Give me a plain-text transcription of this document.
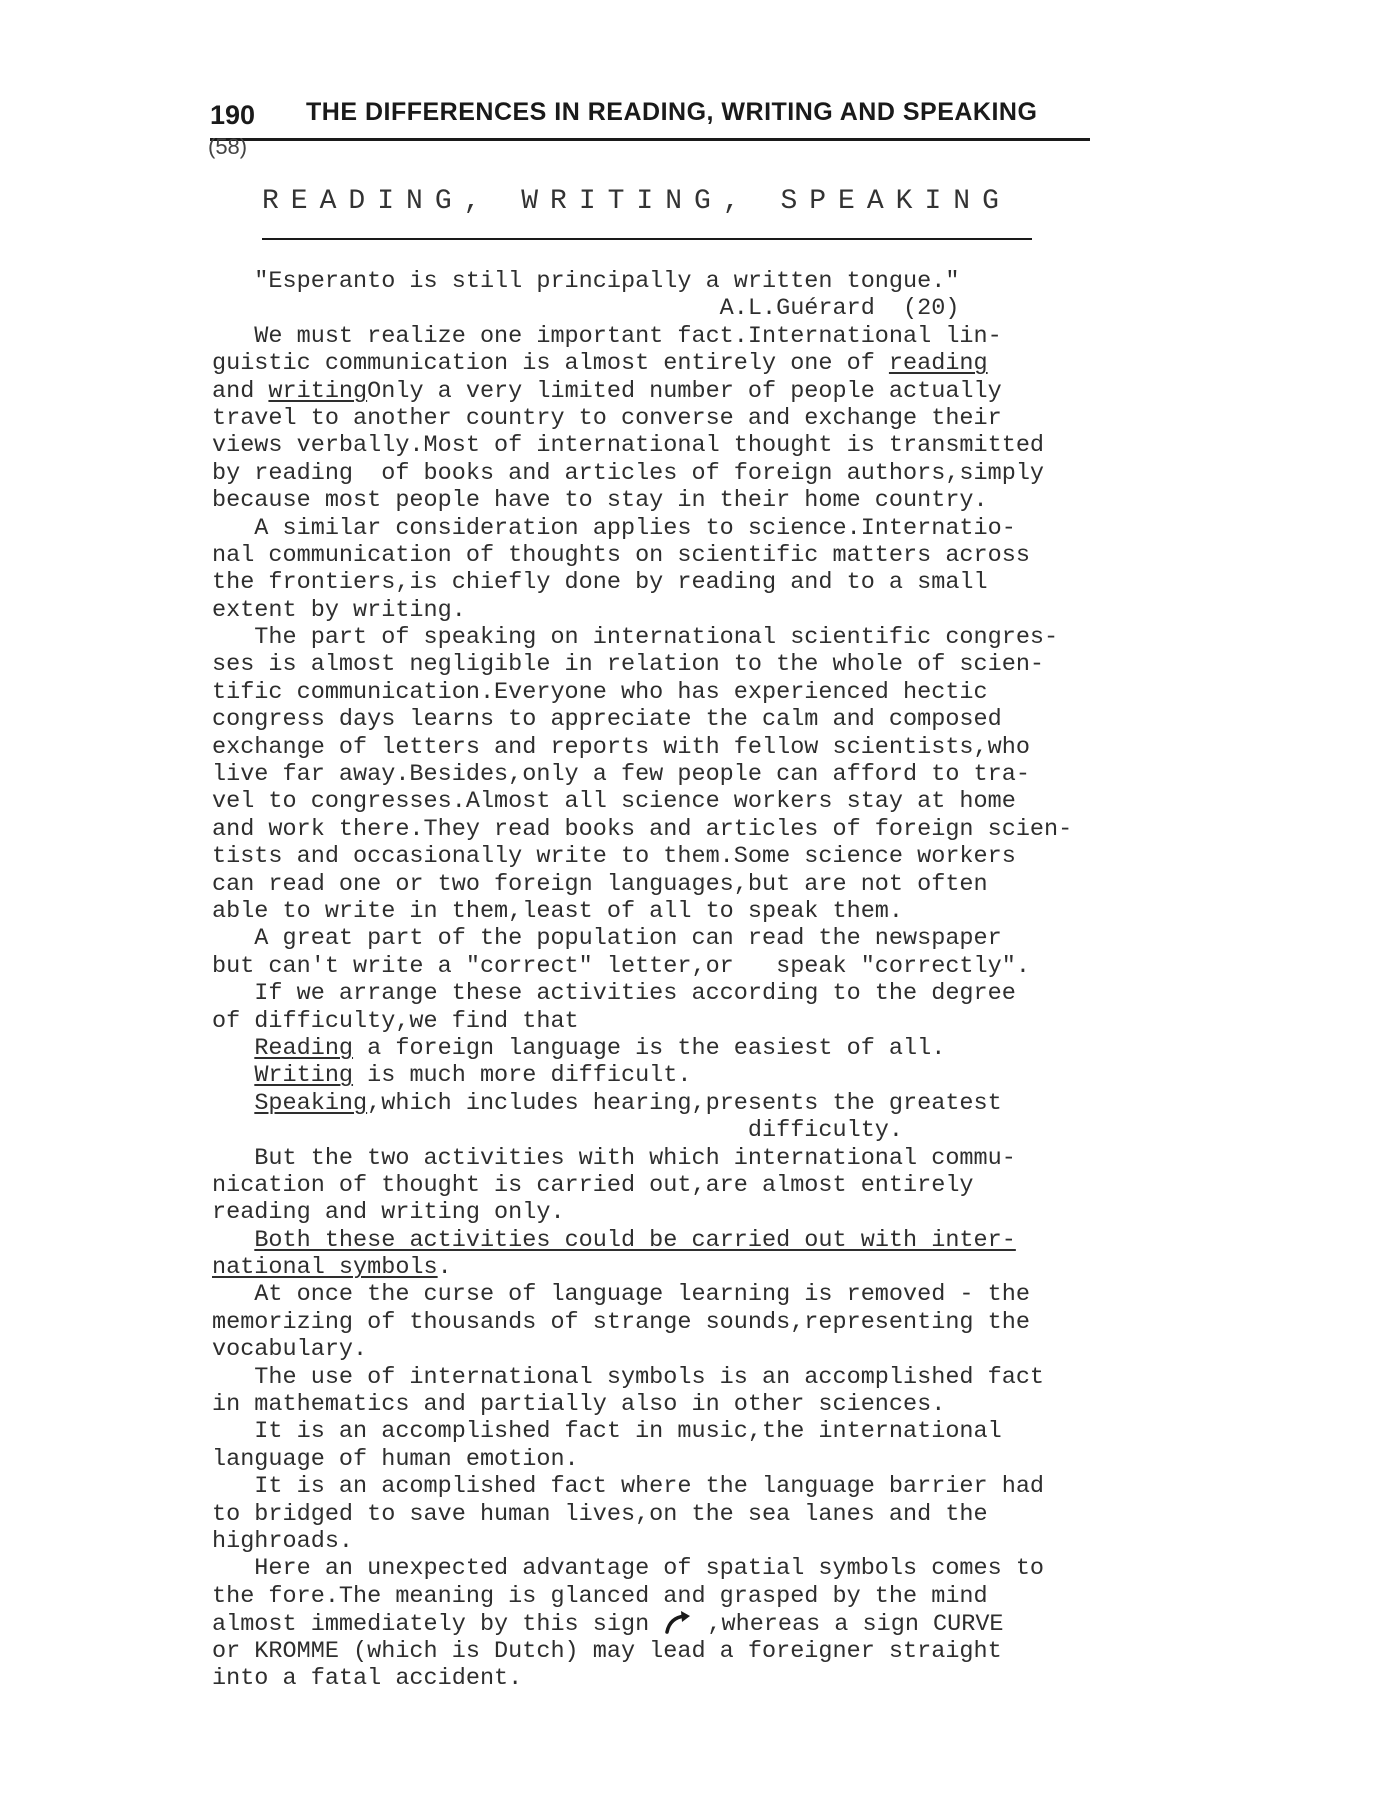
190 THE DIFFERENCES IN READING, WRITING AND SPEAKING
(58)
READING, WRITING, SPEAKING
"Esperanto is still principally a written tongue."
A.L.Guérard  (20)
We must realize one important fact.International lin-
guistic communication is almost entirely one of reading
and writingOnly a very limited number of people actually
travel to another country to converse and exchange their
views verbally.Most of international thought is transmitted
by reading  of books and articles of foreign authors,simply
because most people have to stay in their home country.
A similar consideration applies to science.Internatio-
nal communication of thoughts on scientific matters across
the frontiers,is chiefly done by reading and to a small
extent by writing.
The part of speaking on international scientific congres-
ses is almost negligible in relation to the whole of scien-
tific communication.Everyone who has experienced hectic
congress days learns to appreciate the calm and composed
exchange of letters and reports with fellow scientists,who
live far away.Besides,only a few people can afford to tra-
vel to congresses.Almost all science workers stay at home
and work there.They read books and articles of foreign scien-
tists and occasionally write to them.Some science workers
can read one or two foreign languages,but are not often
able to write in them,least of all to speak them.
A great part of the population can read the newspaper
but can't write a "correct" letter,or   speak "correctly".
If we arrange these activities according to the degree
of difficulty,we find that
Reading a foreign language is the easiest of all.
Writing is much more difficult.
Speaking,which includes hearing,presents the greatest
difficulty.
But the two activities with which international commu-
nication of thought is carried out,are almost entirely
reading and writing only.
Both these activities could be carried out with inter-
national symbols.
At once the curse of language learning is removed - the
memorizing of thousands of strange sounds,representing the
vocabulary.
The use of international symbols is an accomplished fact
in mathematics and partially also in other sciences.
It is an accomplished fact in music,the international
language of human emotion.
It is an acomplished fact where the language barrier had
to bridged to save human lives,on the sea lanes and the
highroads.
Here an unexpected advantage of spatial symbols comes to
the fore.The meaning is glanced and grasped by the mind
almost immediately by this sign  ,whereas a sign CURVE
or KROMME (which is Dutch) may lead a foreigner straight
into a fatal accident.
